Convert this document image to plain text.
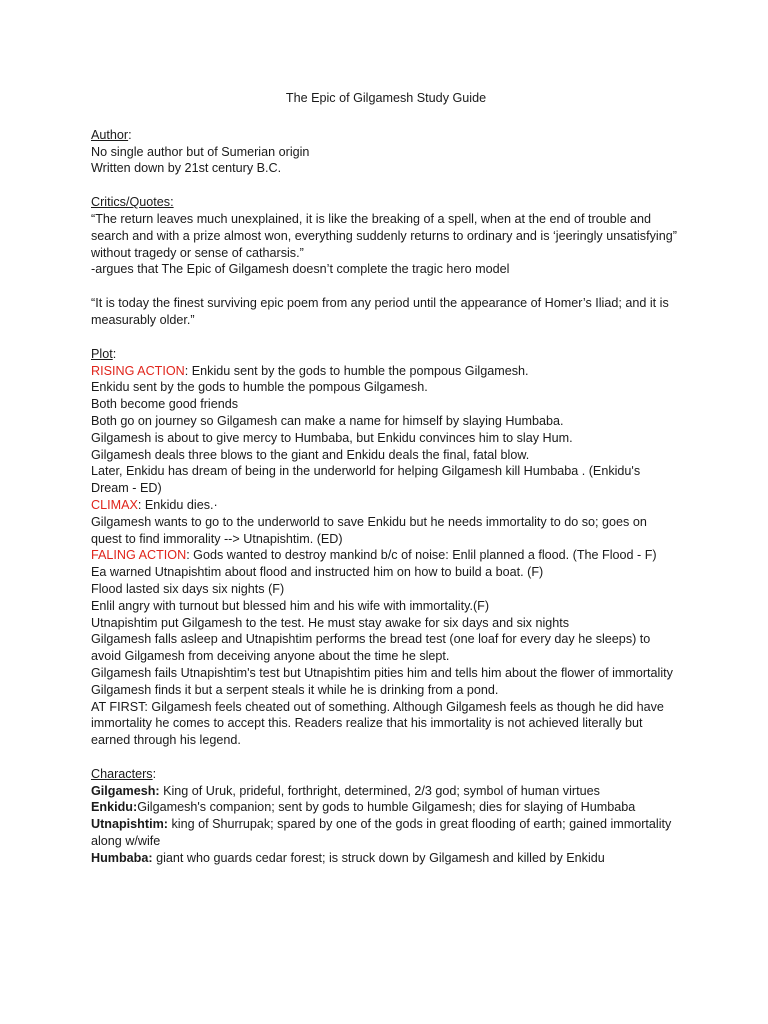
The Epic of Gilgamesh Study Guide

Author:

No single author but of Sumerian origin

Written down by 21st century B.C.

Critics/Quotes:

“The return leaves much unexplained, it is like the breaking of a spell, when at the end of trouble and search and with a prize almost won, everything suddenly returns to ordinary and is ‘jeeringly unsatisfying” without tragedy or sense of catharsis.”

-argues that The Epic of Gilgamesh doesn’t complete the tragic hero model

“It is today the finest surviving epic poem from any period until the appearance of Homer’s Iliad; and it is measurably older.”

Plot:

RISING ACTION: Enkidu sent by the gods to humble the pompous Gilgamesh.

Enkidu sent by the gods to humble the pompous Gilgamesh.

Both become good friends

Both go on journey so Gilgamesh can make a name for himself by slaying Humbaba.

Gilgamesh is about to give mercy to Humbaba, but Enkidu convinces him to slay Hum.

Gilgamesh deals three blows to the giant and Enkidu deals the final, fatal blow.

Later, Enkidu has dream of being in the underworld for helping Gilgamesh kill Humbaba . (Enkidu's Dream - ED)

CLIMAX: Enkidu dies.·

Gilgamesh wants to go to the underworld to save Enkidu but he needs immortality to do so; goes on quest to find immorality --> Utnapishtim. (ED)

FALING ACTION: Gods wanted to destroy mankind b/c of noise: Enlil planned a flood. (The Flood - F)

Ea warned Utnapishtim about flood and instructed him on how to build a boat. (F)

Flood lasted six days six nights (F)

Enlil angry with turnout but blessed him and his wife with immortality.(F)

Utnapishtim put Gilgamesh to the test. He must stay awake for six days and six nights

Gilgamesh falls asleep and Utnapishtim performs the bread test (one loaf for every day he sleeps) to avoid Gilgamesh from deceiving anyone about the time he slept.

Gilgamesh fails Utnapishtim's test but Utnapishtim pities him and tells him about the flower of immortality

Gilgamesh finds it but a serpent steals it while he is drinking from a pond.

AT FIRST: Gilgamesh feels cheated out of something. Although Gilgamesh feels as though he did have immortality he comes to accept this. Readers realize that his immortality is not achieved literally but earned through his legend.

Characters:

Gilgamesh: King of Uruk, prideful, forthright, determined, 2/3 god; symbol of human virtues

Enkidu:Gilgamesh's companion; sent by gods to humble Gilgamesh; dies for slaying of Humbaba

Utnapishtim: king of Shurrupak; spared by one of the gods in great flooding of earth; gained immortality along w/wife

Humbaba: giant who guards cedar forest; is struck down by Gilgamesh and killed by Enkidu
